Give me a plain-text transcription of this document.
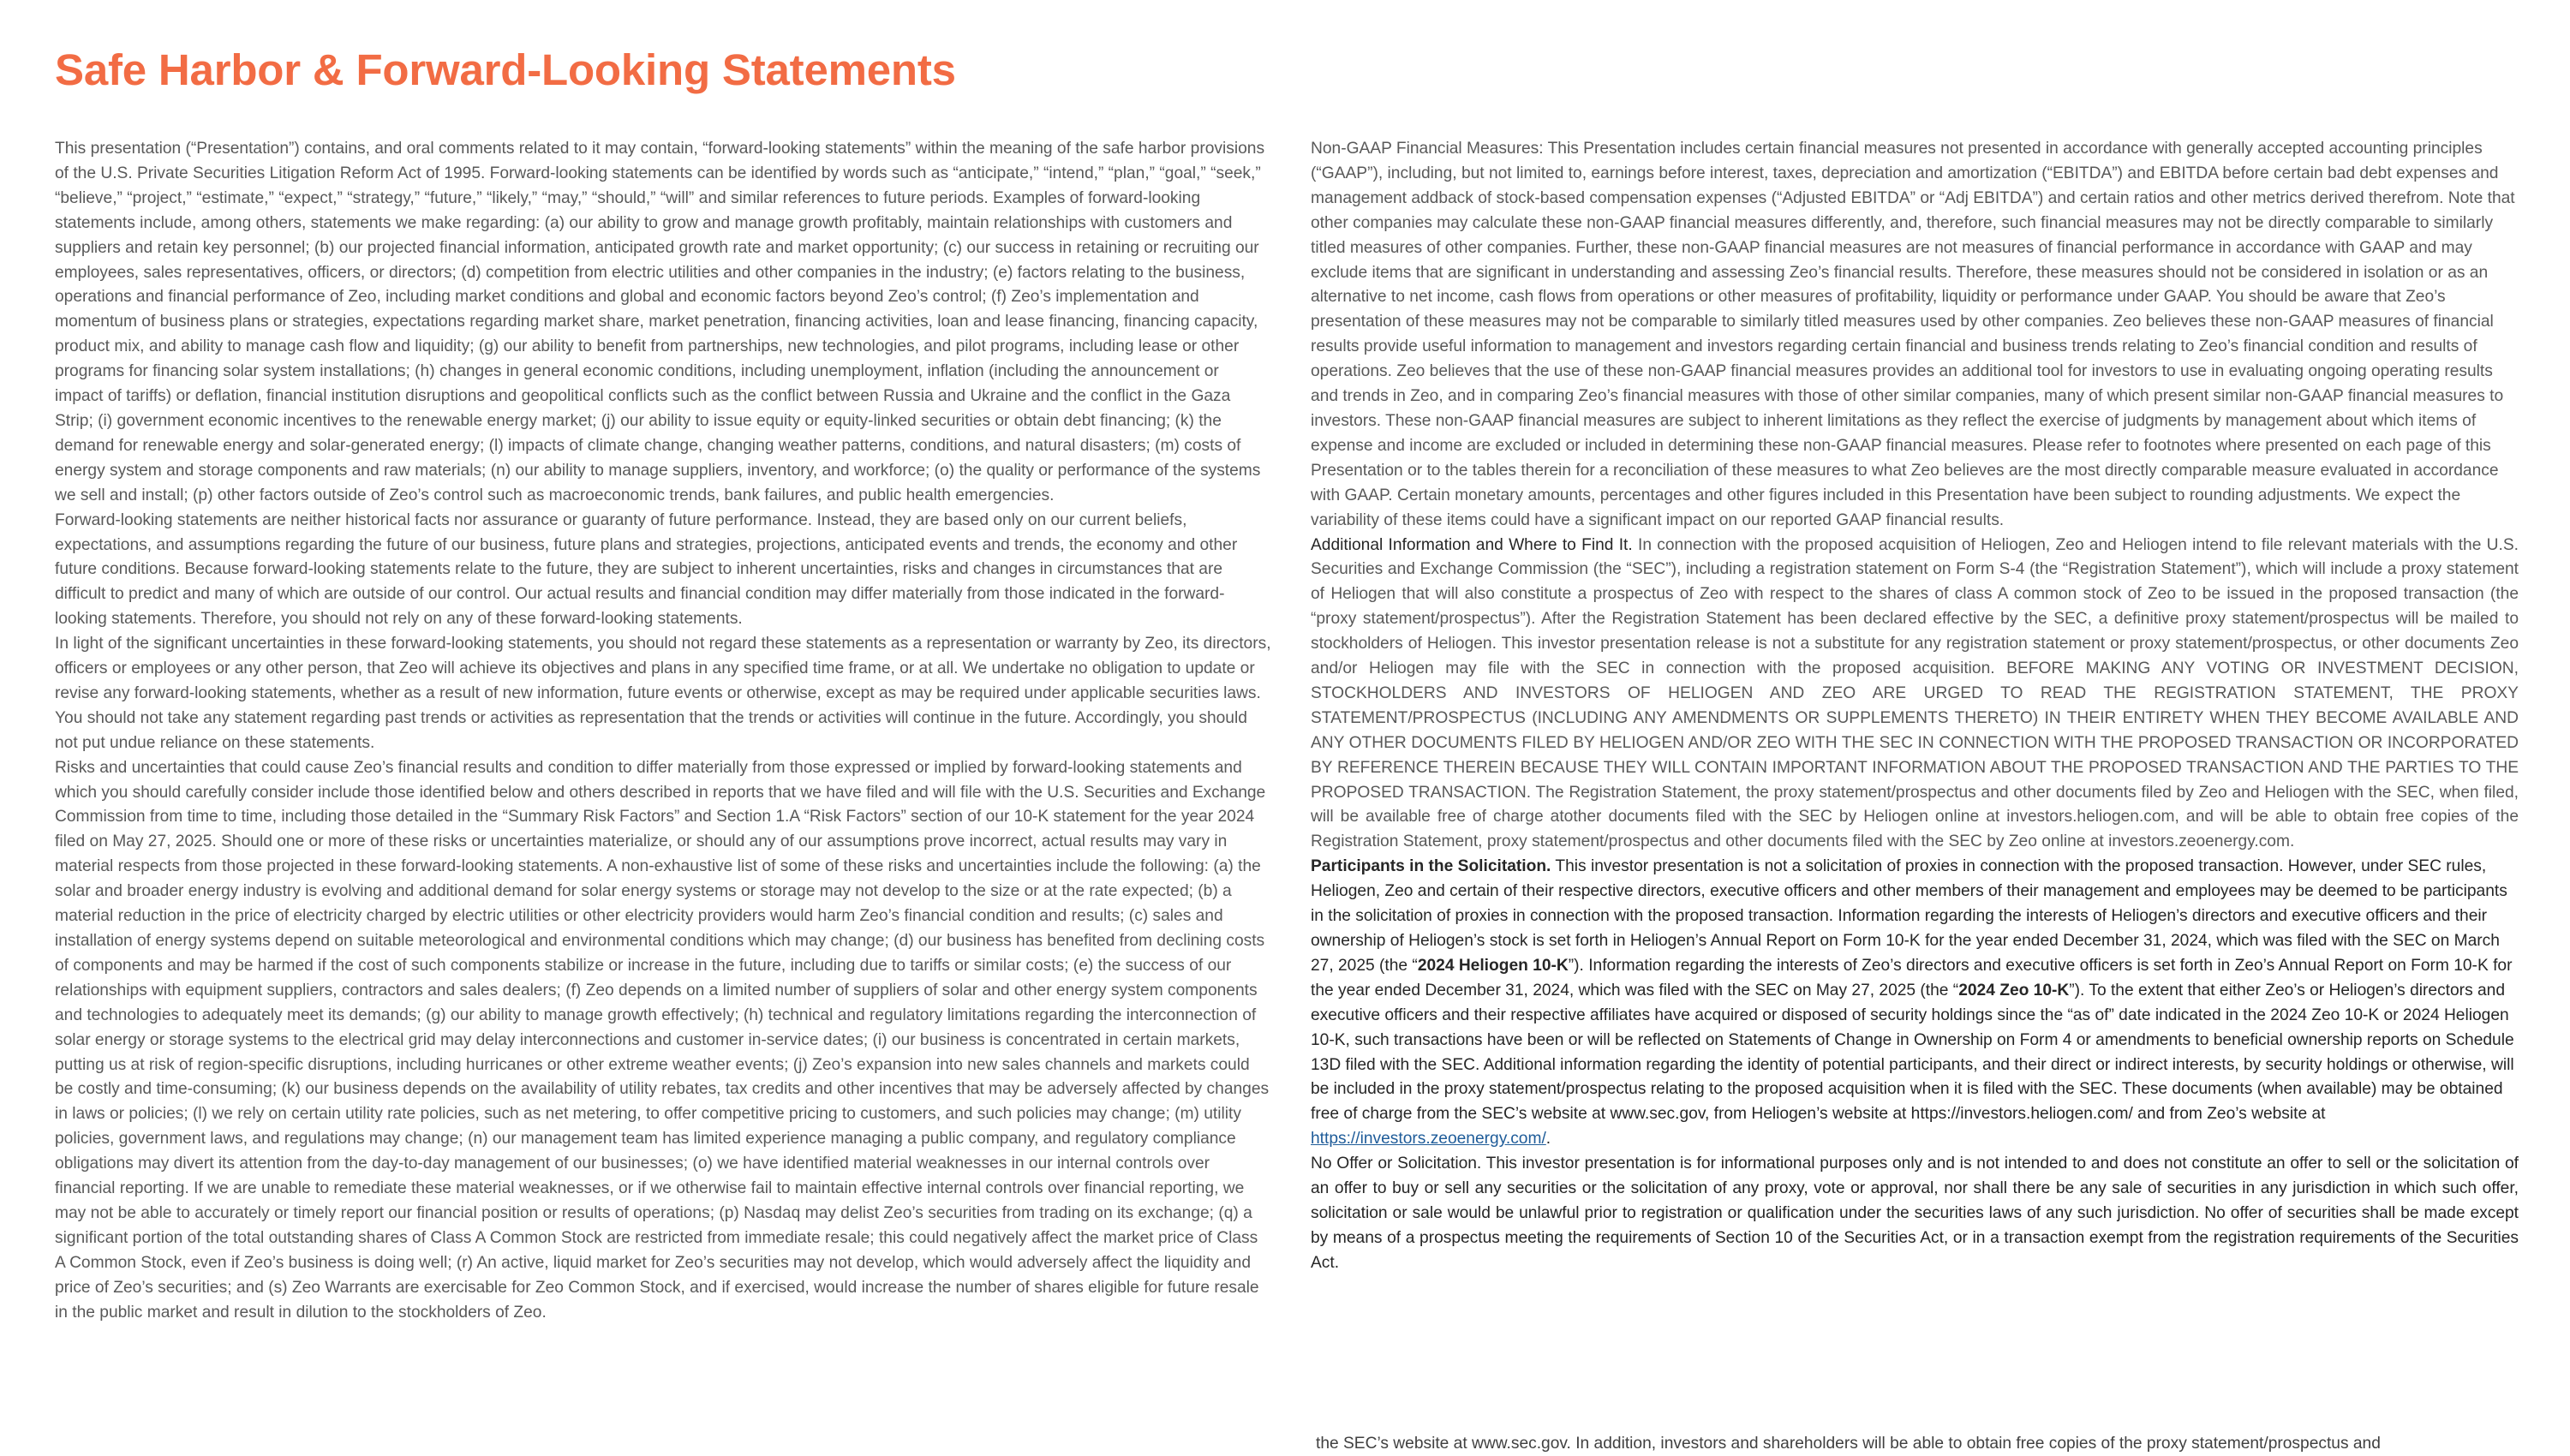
Safe Harbor & Forward-Looking Statements

This presentation (“Presentation”) contains, and oral comments related to it may contain, “forward-looking statements” within the meaning of the safe harbor provisions of the U.S. Private Securities Litigation Reform Act of 1995. Forward-looking statements can be identified by words such as “anticipate,” “intend,” “plan,” “goal,” “seek,” “believe,” “project,” “estimate,” “expect,” “strategy,” “future,” “likely,” “may,” “should,” “will” and similar references to future periods. Examples of forward-looking statements include, among others, statements we make regarding: (a) our ability to grow and manage growth profitably, maintain relationships with customers and suppliers and retain key personnel; (b) our projected financial information, anticipated growth rate and market opportunity; (c) our success in retaining or recruiting our employees, sales representatives, officers, or directors; (d) competition from electric utilities and other companies in the industry; (e) factors relating to the business, operations and financial performance of Zeo, including market conditions and global and economic factors beyond Zeo’s control; (f) Zeo’s implementation and momentum of business plans or strategies, expectations regarding market share, market penetration, financing activities, loan and lease financing, financing capacity, product mix, and ability to manage cash flow and liquidity; (g) our ability to benefit from partnerships, new technologies, and pilot programs, including lease or other programs for financing solar system installations; (h) changes in general economic conditions, including unemployment, inflation (including the announcement or impact of tariffs) or deflation, financial institution disruptions and geopolitical conflicts such as the conflict between Russia and Ukraine and the conflict in the Gaza Strip; (i) government economic incentives to the renewable energy market; (j) our ability to issue equity or equity-linked securities or obtain debt financing; (k) the demand for renewable energy and solar-generated energy; (l) impacts of climate change, changing weather patterns, conditions, and natural disasters; (m) costs of energy system and storage components and raw materials; (n) our ability to manage suppliers, inventory, and workforce; (o) the quality or performance of the systems we sell and install; (p) other factors outside of Zeo’s control such as macroeconomic trends, bank failures, and public health emergencies.

Forward-looking statements are neither historical facts nor assurance or guaranty of future performance. Instead, they are based only on our current beliefs, expectations, and assumptions regarding the future of our business, future plans and strategies, projections, anticipated events and trends, the economy and other future conditions. Because forward-looking statements relate to the future, they are subject to inherent uncertainties, risks and changes in circumstances that are difficult to predict and many of which are outside of our control. Our actual results and financial condition may differ materially from those indicated in the forward-looking statements. Therefore, you should not rely on any of these forward-looking statements.

In light of the significant uncertainties in these forward-looking statements, you should not regard these statements as a representation or warranty by Zeo, its directors, officers or employees or any other person, that Zeo will achieve its objectives and plans in any specified time frame, or at all. We undertake no obligation to update or revise any forward-looking statements, whether as a result of new information, future events or otherwise, except as may be required under applicable securities laws. You should not take any statement regarding past trends or activities as representation that the trends or activities will continue in the future. Accordingly, you should not put undue reliance on these statements.

Risks and uncertainties that could cause Zeo’s financial results and condition to differ materially from those expressed or implied by forward-looking statements and which you should carefully consider include those identified below and others described in reports that we have filed and will file with the U.S. Securities and Exchange Commission from time to time, including those detailed in the “Summary Risk Factors” and Section 1.A “Risk Factors” section of our 10-K statement for the year 2024 filed on May 27, 2025. Should one or more of these risks or uncertainties materialize, or should any of our assumptions prove incorrect, actual results may vary in material respects from those projected in these forward-looking statements. A non-exhaustive list of some of these risks and uncertainties include the following: (a) the solar and broader energy industry is evolving and additional demand for solar energy systems or storage may not develop to the size or at the rate expected; (b) a material reduction in the price of electricity charged by electric utilities or other electricity providers would harm Zeo’s financial condition and results; (c) sales and installation of energy systems depend on suitable meteorological and environmental conditions which may change; (d) our business has benefited from declining costs of components and may be harmed if the cost of such components stabilize or increase in the future, including due to tariffs or similar costs; (e) the success of our relationships with equipment suppliers, contractors and sales dealers; (f) Zeo depends on a limited number of suppliers of solar and other energy system components and technologies to adequately meet its demands; (g) our ability to manage growth effectively; (h) technical and regulatory limitations regarding the interconnection of solar energy or storage systems to the electrical grid may delay interconnections and customer in-service dates; (i) our business is concentrated in certain markets, putting us at risk of region-specific disruptions, including hurricanes or other extreme weather events; (j) Zeo’s expansion into new sales channels and markets could be costly and time-consuming; (k) our business depends on the availability of utility rebates, tax credits and other incentives that may be adversely affected by changes in laws or policies; (l) we rely on certain utility rate policies, such as net metering, to offer competitive pricing to customers, and such policies may change; (m) utility policies, government laws, and regulations may change; (n) our management team has limited experience managing a public company, and regulatory compliance obligations may divert its attention from the day-to-day management of our businesses; (o) we have identified material weaknesses in our internal controls over financial reporting. If we are unable to remediate these material weaknesses, or if we otherwise fail to maintain effective internal controls over financial reporting, we may not be able to accurately or timely report our financial position or results of operations; (p) Nasdaq may delist Zeo’s securities from trading on its exchange; (q) a significant portion of the total outstanding shares of Class A Common Stock are restricted from immediate resale; this could negatively affect the market price of Class A Common Stock, even if Zeo’s business is doing well; (r) An active, liquid market for Zeo’s securities may not develop, which would adversely affect the liquidity and price of Zeo’s securities; and (s) Zeo Warrants are exercisable for Zeo Common Stock, and if exercised, would increase the number of shares eligible for future resale in the public market and result in dilution to the stockholders of Zeo.

Non-GAAP Financial Measures: This Presentation includes certain financial measures not presented in accordance with generally accepted accounting principles (“GAAP”), including, but not limited to, earnings before interest, taxes, depreciation and amortization (“EBITDA”) and EBITDA before certain bad debt expenses and management addback of stock-based compensation expenses (“Adjusted EBITDA” or “Adj EBITDA”) and certain ratios and other metrics derived therefrom. Note that other companies may calculate these non-GAAP financial measures differently, and, therefore, such financial measures may not be directly comparable to similarly titled measures of other companies. Further, these non-GAAP financial measures are not measures of financial performance in accordance with GAAP and may exclude items that are significant in understanding and assessing Zeo’s financial results. Therefore, these measures should not be considered in isolation or as an alternative to net income, cash flows from operations or other measures of profitability, liquidity or performance under GAAP. You should be aware that Zeo’s presentation of these measures may not be comparable to similarly titled measures used by other companies. Zeo believes these non-GAAP measures of financial results provide useful information to management and investors regarding certain financial and business trends relating to Zeo’s financial condition and results of operations. Zeo believes that the use of these non-GAAP financial measures provides an additional tool for investors to use in evaluating ongoing operating results and trends in Zeo, and in comparing Zeo’s financial measures with those of other similar companies, many of which present similar non-GAAP financial measures to investors. These non-GAAP financial measures are subject to inherent limitations as they reflect the exercise of judgments by management about which items of expense and income are excluded or included in determining these non-GAAP financial measures. Please refer to footnotes where presented on each page of this Presentation or to the tables therein for a reconciliation of these measures to what Zeo believes are the most directly comparable measure evaluated in accordance with GAAP. Certain monetary amounts, percentages and other figures included in this Presentation have been subject to rounding adjustments. We expect the variability of these items could have a significant impact on our reported GAAP financial results.

Additional Information and Where to Find It. In connection with the proposed acquisition of Heliogen, Zeo and Heliogen intend to file relevant materials with the U.S. Securities and Exchange Commission (the “SEC”), including a registration statement on Form S-4 (the “Registration Statement”), which will include a proxy statement of Heliogen that will also constitute a prospectus of Zeo with respect to the shares of class A common stock of Zeo to be issued in the proposed transaction (the “proxy statement/prospectus”). After the Registration Statement has been declared effective by the SEC, a definitive proxy statement/prospectus will be mailed to stockholders of Heliogen. This investor presentation release is not a substitute for any registration statement or proxy statement/prospectus, or other documents Zeo and/or Heliogen may file with the SEC in connection with the proposed acquisition. BEFORE MAKING ANY VOTING OR INVESTMENT DECISION, STOCKHOLDERS AND INVESTORS OF HELIOGEN AND ZEO ARE URGED TO READ THE REGISTRATION STATEMENT, THE PROXY STATEMENT/PROSPECTUS (INCLUDING ANY AMENDMENTS OR SUPPLEMENTS THERETO) IN THEIR ENTIRETY WHEN THEY BECOME AVAILABLE AND ANY OTHER DOCUMENTS FILED BY HELIOGEN AND/OR ZEO WITH THE SEC IN CONNECTION WITH THE PROPOSED TRANSACTION OR INCORPORATED BY REFERENCE THEREIN BECAUSE THEY WILL CONTAIN IMPORTANT INFORMATION ABOUT THE PROPOSED TRANSACTION AND THE PARTIES TO THE PROPOSED TRANSACTION. The Registration Statement, the proxy statement/prospectus and other documents filed by Zeo and Heliogen with the SEC, when filed, will be available free of charge atother documents filed with the SEC by Heliogen online at investors.heliogen.com, and will be able to obtain free copies of the Registration Statement, proxy statement/prospectus and other documents filed with the SEC by Zeo online at investors.zeoenergy.com.

Participants in the Solicitation. This investor presentation is not a solicitation of proxies in connection with the proposed transaction. However, under SEC rules, Heliogen, Zeo and certain of their respective directors, executive officers and other members of their management and employees may be deemed to be participants in the solicitation of proxies in connection with the proposed transaction. Information regarding the interests of Heliogen’s directors and executive officers and their ownership of Heliogen’s stock is set forth in Heliogen’s Annual Report on Form 10-K for the year ended December 31, 2024, which was filed with the SEC on March 27, 2025 (the “2024 Heliogen 10-K”). Information regarding the interests of Zeo’s directors and executive officers is set forth in Zeo’s Annual Report on Form 10-K for the year ended December 31, 2024, which was filed with the SEC on May 27, 2025 (the “2024 Zeo 10-K”). To the extent that either Zeo’s or Heliogen’s directors and executive officers and their respective affiliates have acquired or disposed of security holdings since the “as of” date indicated in the 2024 Zeo 10-K or 2024 Heliogen 10-K, such transactions have been or will be reflected on Statements of Change in Ownership on Form 4 or amendments to beneficial ownership reports on Schedule 13D filed with the SEC. Additional information regarding the identity of potential participants, and their direct or indirect interests, by security holdings or otherwise, will be included in the proxy statement/prospectus relating to the proposed acquisition when it is filed with the SEC. These documents (when available) may be obtained free of charge from the SEC’s website at www.sec.gov, from Heliogen’s website at https://investors.heliogen.com/ and from Zeo’s website at https://investors.zeoenergy.com/.

No Offer or Solicitation. This investor presentation is for informational purposes only and is not intended to and does not constitute an offer to sell or the solicitation of an offer to buy or sell any securities or the solicitation of any proxy, vote or approval, nor shall there be any sale of securities in any jurisdiction in which such offer, solicitation or sale would be unlawful prior to registration or qualification under the securities laws of any such jurisdiction. No offer of securities shall be made except by means of a prospectus meeting the requirements of Section 10 of the Securities Act, or in a transaction exempt from the registration requirements of the Securities Act.

the SEC’s website at www.sec.gov. In addition, investors and shareholders will be able to obtain free copies of the proxy statement/prospectus and
